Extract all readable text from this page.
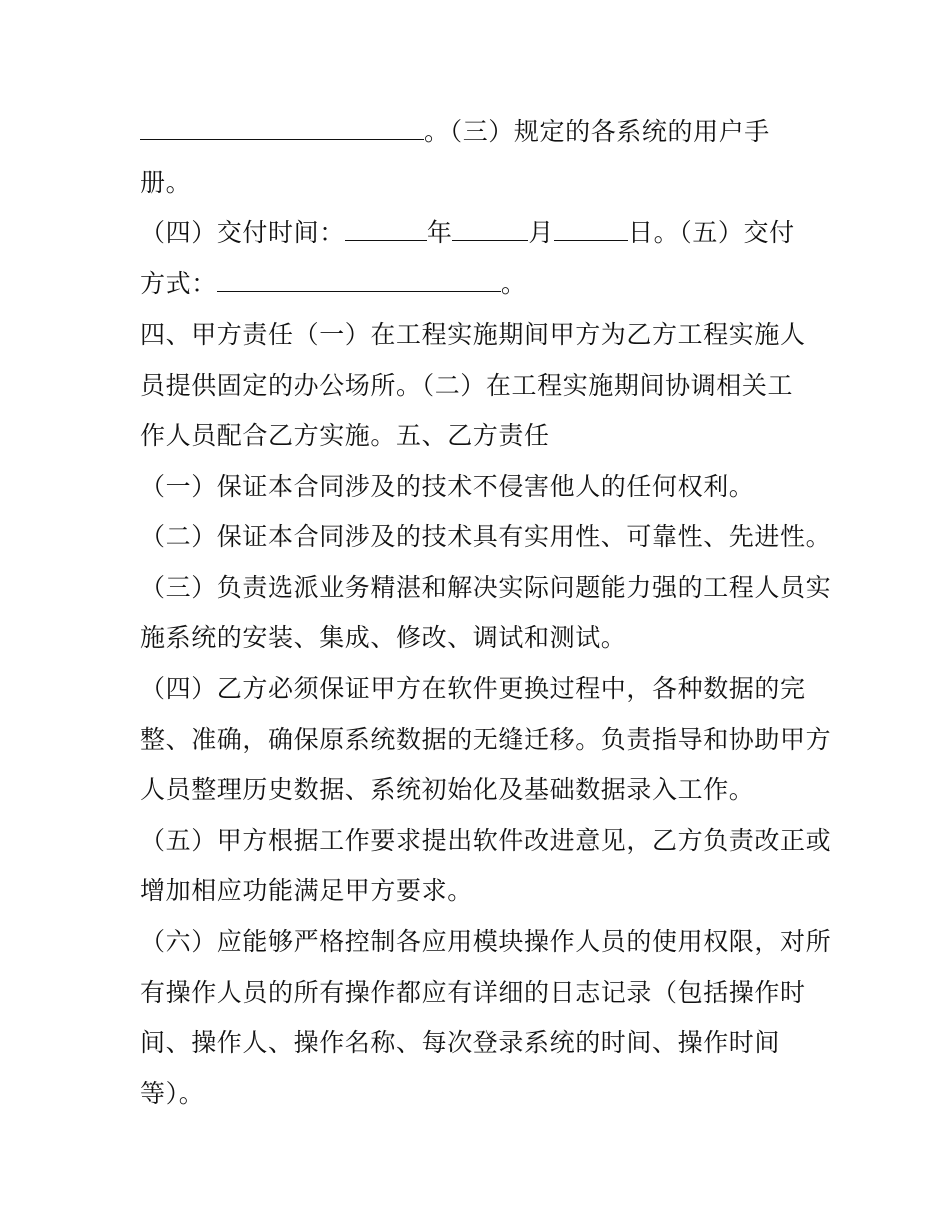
。（三）规定的各系统的用户手
册。
（四）交付时间：	年	月	日。（五）交付
方式：	。
四、甲方责任（一）在工程实施期间甲方为乙方工程实施人
员提供固定的办公场所。（二）在工程实施期间协调相关工
作人员配合乙方实施。五、乙方责任
（一）保证本合同涉及的技术不侵害他人的任何权利。
（二）保证本合同涉及的技术具有实用性、可靠性、先进性。
（三）负责选派业务精湛和解决实际问题能力强的工程人员实
施系统的安装、集成、修改、调试和测试。
（四）乙方必须保证甲方在软件更换过程中，各种数据的完
整、准确，确保原系统数据的无缝迁移。负责指导和协助甲方
人员整理历史数据、系统初始化及基础数据录入工作。
（五）甲方根据工作要求提出软件改进意见，乙方负责改正或
增加相应功能满足甲方要求。
（六）应能够严格控制各应用模块操作人员的使用权限，对所
有操作人员的所有操作都应有详细的日志记录（包括操作时
间、操作人、操作名称、每次登录系统的时间、操作时间
等）。
